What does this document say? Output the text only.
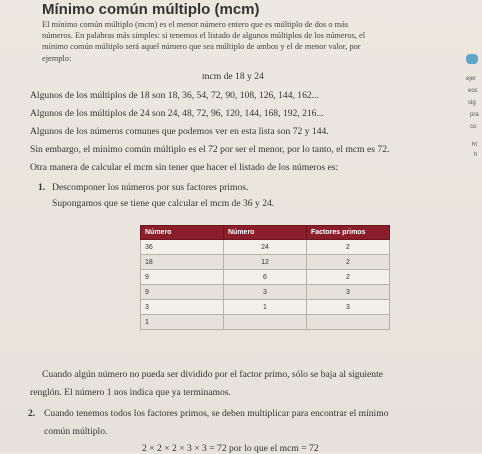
Mínimo común múltiplo (mcm)
El mínimo común múltiplo (mcm) es el menor número entero que es múltiplo de dos o más
números. En palabras más simples: si tenemos el listado de algunos múltiplos de los números, el
mínimo común múltiplo será aquel número que sea múltiplo de ambos y el de menor valor, por
ejemplo:
mcm de 18 y 24
Algunos de los múltiplos de 18 son 18, 36, 54, 72, 90, 108, 126, 144, 162...
Algunos de los múltiplos de 24 son 24, 48, 72, 96, 120, 144, 168, 192, 216...
Algunos de los números comunes que podemos ver en esta lista son 72 y 144.
Sin embargo, el mínimo común múltiplo es el 72 por ser el menor, por lo tanto, el mcm es 72.
Otra manera de calcular el mcm sin tener que hacer el listado de los números es:
1. Descomponer los números por sus factores primos.
Supongamos que se tiene que calcular el mcm de 36 y 24.
Número	Número	Factores primos
36	24	2
18	12	2
9	6	2
9	3	3
3	1	3
1		
Cuando algún número no pueda ser dividido por el factor primo, sólo se baja al siguiente
renglón. El número 1 nos indica que ya terminamos.
2. Cuando tenemos todos los factores primos, se deben multiplicar para encontrar el mínimo
común múltiplo.
2 × 2 × 2 × 3 × 3 = 72 por lo que el mcm = 72
ejer
eoc
sig
pra
co
ht
h
